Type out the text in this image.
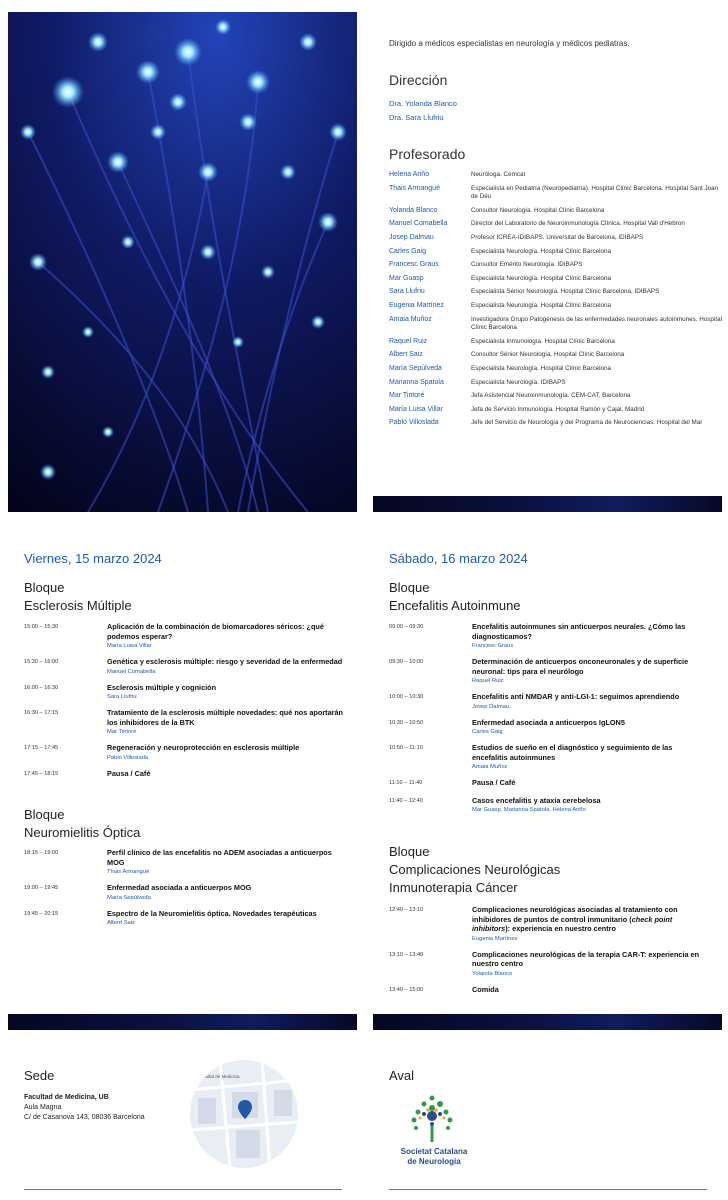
Dirigido a médicos especialistas en neurología y médicos pediatras.
Dirección
Dra. Yolanda Blanco
Dra. Sara Llufriu
Profesorado
Helena Ariño	Neuróloga. Cemcat
Thais Armangué	Especialista en Pediatría (Neuropediatría). Hospital Clínic Barcelona. Hospital Sant Joan de Déu
Yolanda Blanco	Consultor Neurología. Hospital Clínic Barcelona
Manuel Comabella	Director del Laboratorio de Neuroinmunología Clínica. Hospital Vall d'Hebron
Josep Dalmau	Profesor ICREA-IDIBAPS. Universitat de Barcelona, IDIBAPS
Carles Gaig	Especialista Neurología. Hospital Clínic Barcelona
Francesc Graus	Consultor Emérito Neurología. IDIBAPS
Mar Guasp	Especialista Neurología. Hospital Clínic Barcelona
Sara Llufriu	Especialista Sénior Neurología. Hospital Clínic Barcelona, IDIBAPS
Eugenia Martínez	Especialista Neurología. Hospital Clínic Barcelona
Amaia Muñoz	Investigadora Grupo Patogénesis de las enfermedades neuronales autoinmunes. Hospital Clínic Barcelona
Raquel Ruiz	Especialista Inmunología. Hospital Clínic Barcelona
Albert Saiz	Consultor Sénior Neurología. Hospital Clínic Barcelona
María Sepúlveda	Especialista Neurología. Hospital Clínic Barcelona
Marianna Spatola	Especialista Neurología. IDIBAPS
Mar Tintoré	Jefa Asistencial Neuroinmunología. CEM-CAT, Barcelona
María Luisa Villar	Jefa de Servicio Inmunología. Hospital Ramón y Cajal, Madrid
Pablo Villoslada	Jefe del Servicio de Neurología y del Programa de Neurociencias. Hospital del Mar
Viernes, 15 marzo 2024
Bloque
Esclerosis Múltiple
15:00 – 15:30	Aplicación de la combinación de biomarcadores séricos: ¿qué podemos esperar?
María Luisa Villar
15:30 – 16:00	Genética y esclerosis múltiple: riesgo y severidad de la enfermedad
Manuel Comabella
16:00 – 16:30	Esclerosis múltiple y cognición
Sara Llufriu
16:30 – 17:15	Tratamiento de la esclerosis múltiple novedades: qué nos aportarán los inhibidores de la BTK
Mar Tintoré
17:15 – 17:45	Regeneración y neuroprotección en esclerosis múltiple
Pablo Villoslada
17:45 – 18:15	Pausa / Café
Bloque
Neuromielitis Óptica
18:15 – 19:00	Perfil clínico de las encefalitis no ADEM asociadas a anticuerpos MOG
Thais Armangué
19:00 – 19:45	Enfermedad asociada a anticuerpos MOG
María Sepúlveda
19:45 – 20:15	Espectro de la Neuromielitis óptica. Novedades terapéuticas
Albert Saiz
Sábado, 16 marzo 2024
Bloque
Encefalitis Autoinmune
09:00 – 09:30	Encefalitis autoinmunes sin anticuerpos neurales. ¿Cómo las diagnosticamos?
Francesc Graus
09:30 – 10:00	Determinación de anticuerpos onconeuronales y de superficie neuronal: tips para el neurólogo
Raquel Ruiz
10:00 – 10:30	Encefalitis anti NMDAR y anti-LGI-1: seguimos aprendiendo
Josep Dalmau
10:30 – 10:50	Enfermedad asociada a anticuerpos IgLON5
Carles Gaig
10:50 – 11:10	Estudios de sueño en el diagnóstico y seguimiento de las encefalitis autoinmunes
Amaia Muñoz
11:10 – 11:40	Pausa / Café
11:40 – 12:40	Casos encefalitis y ataxia cerebelosa
Mar Guasp, Marianna Spatola, Helena Ariño
Bloque
Complicaciones Neurológicas
Inmunoterapia Cáncer
12:40 – 13:10	Complicaciones neurológicas asociadas al tratamiento con inhibidores de puntos de control inmunitario (check point inhibitors): experiencia en nuestro centro
Eugenia Martínez
13:10 – 13:40	Complicaciones neurológicas de la terapia CAR-T: experiencia en nuestro centro
Yolanda Blanco
13:40 – 15:00	Comida
Sede
Facultad de Medicina, UB
Aula Magna
C/ de Casanova 143, 08036 Barcelona
Facultat de Medicina	Aval
Societat Catalana
de Neurologia
